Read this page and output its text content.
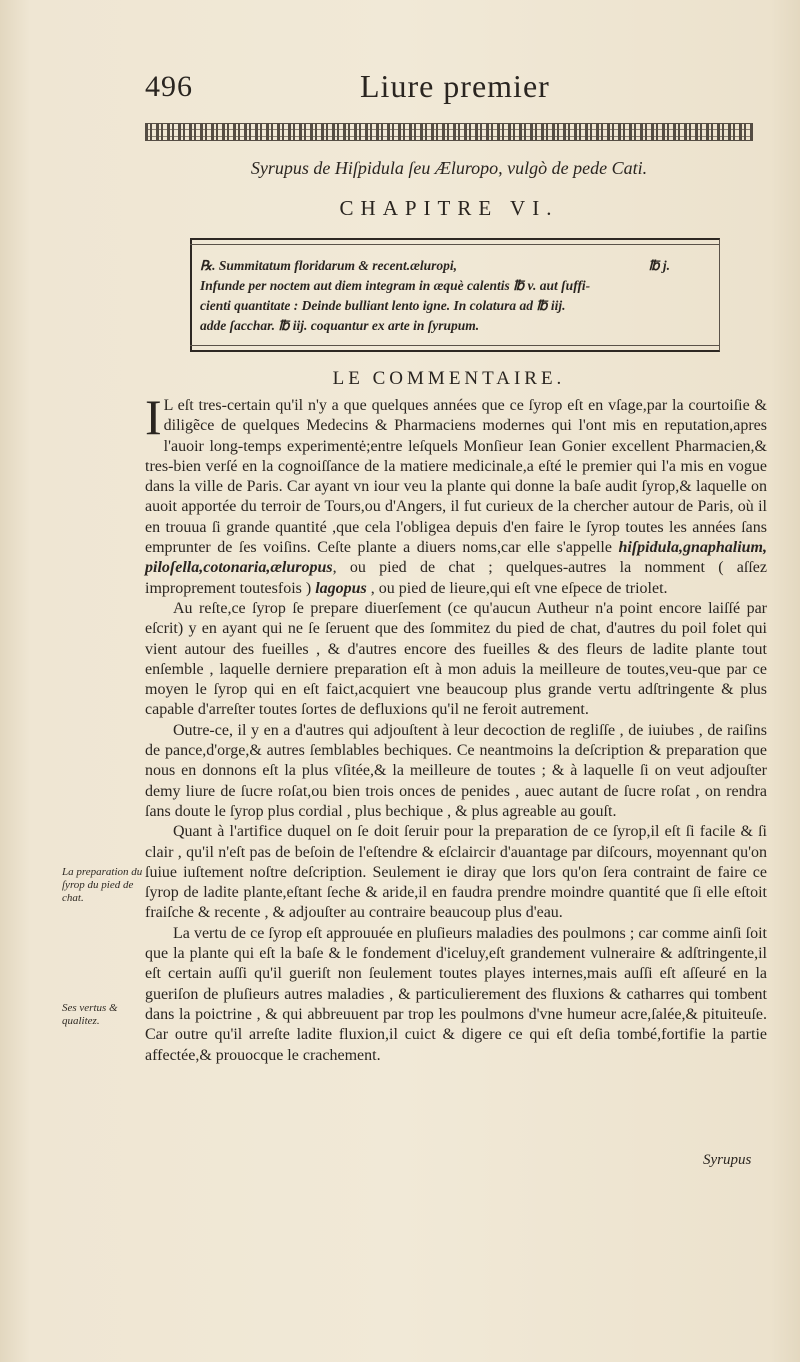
496	Liure premier
Syrupus de Hiſpidula ſeu Æluropo, vulgò de pede Cati.
CHAPITRE VI.
℞. Summitatum floridarum & recent.æluropi,	℔ j.
Infunde per noctem aut diem integram in æquè calentis ℔ v. aut ſuffi-
cienti quantitate : Deinde bulliant lento igne. In colatura ad ℔ iij.
adde ſacchar. ℔ iij. coquantur ex arte in ſyrupum.
LE COMMENTAIRE.

I L eſt tres-certain qu'il n'y a que quelques années que ce ſyrop eſt en vſage,par la courtoiſie & diligẽce de quelques Medecins & Pharmaciens modernes qui l'ont mis en reputation,apres l'auoir long-temps experimentė;entre leſquels Monſieur Iean Gonier excellent Pharmacien,& tres-bien verſé en la cognoiſſance de la matiere medicinale,a eſté le premier qui l'a mis en vogue dans la ville de Paris. Car ayant vn iour veu la plante qui donne la baſe audit ſyrop,& laquelle on auoit apportée du terroir de Tours,ou d'Angers, il fut curieux de la chercher autour de Paris, où il en trouua ſi grande quantité ,que cela l'obligea depuis d'en faire le ſyrop toutes les années ſans emprunter de ſes voiſins. Ceſte plante a diuers noms,car elle s'appelle hiſpidula,gnaphalium, piloſella,cotonaria,æluropus, ou pied de chat ; quelques-autres la nomment ( aſſez improprement toutesfois ) lagopus , ou pied de lieure,qui eſt vne eſpece de triolet.

Au reſte,ce ſyrop ſe prepare diuerſement (ce qu'aucun Autheur n'a point encore laiſſé par eſcrit) y en ayant qui ne ſe ſeruent que des ſommitez du pied de chat, d'autres du poil folet qui vient autour des fueilles , & d'autres encore des fueilles & des fleurs de ladite plante tout enſemble , laquelle derniere preparation eſt à mon aduis la meilleure de toutes,veu-que par ce moyen le ſyrop qui en eſt faict,acquiert vne beaucoup plus grande vertu adſtringente & plus capable d'arreſter toutes ſortes de defluxions qu'il ne feroit autrement.

Outre-ce, il y en a d'autres qui adjouſtent à leur decoction de regliſſe , de iuiubes , de raiſins de pance,d'orge,& autres ſemblables bechiques. Ce neantmoins la deſcription & preparation que nous en donnons eſt la plus vſitée,& la meilleure de toutes ; & à laquelle ſi on veut adjouſter demy liure de ſucre roſat,ou bien trois onces de penides , auec autant de ſucre roſat , on rendra ſans doute le ſyrop plus cordial , plus bechique , & plus agreable au gouſt.

Quant à l'artifice duquel on ſe doit ſeruir pour la preparation de ce ſyrop,il eſt ſi facile & ſi clair , qu'il n'eſt pas de beſoin de l'eſtendre & eſclaircir d'auantage par diſcours, moyennant qu'on ſuiue iuſtement noſtre deſcription. Seulement ie diray que lors qu'on ſera contraint de faire ce ſyrop de ladite plante,eſtant ſeche & aride,il en faudra prendre moindre quantité que ſi elle eſtoit fraiſche & recente , & adjouſter au contraire beaucoup plus d'eau.

La vertu de ce ſyrop eſt approuuée en pluſieurs maladies des poulmons ; car comme ainſi ſoit que la plante qui eſt la baſe & le fondement d'iceluy,eſt grandement vulneraire & adſtringente,il eſt certain auſſi qu'il gueriſt non ſeulement toutes playes internes,mais auſſi eſt aſſeuré en la gueriſon de pluſieurs autres maladies , & particulierement des fluxions & catharres qui tombent dans la poictrine , & qui abbreuuent par trop les poulmons d'vne humeur acre,ſalée,& pituiteuſe. Car outre qu'il arreſte ladite fluxion,il cuict & digere ce qui eſt deſia tombé,fortifie la partie affectée,& prouocque le crachement.

La preparation du ſyrop du pied de chat.
Ses vertus & qualitez.
Syrupus
